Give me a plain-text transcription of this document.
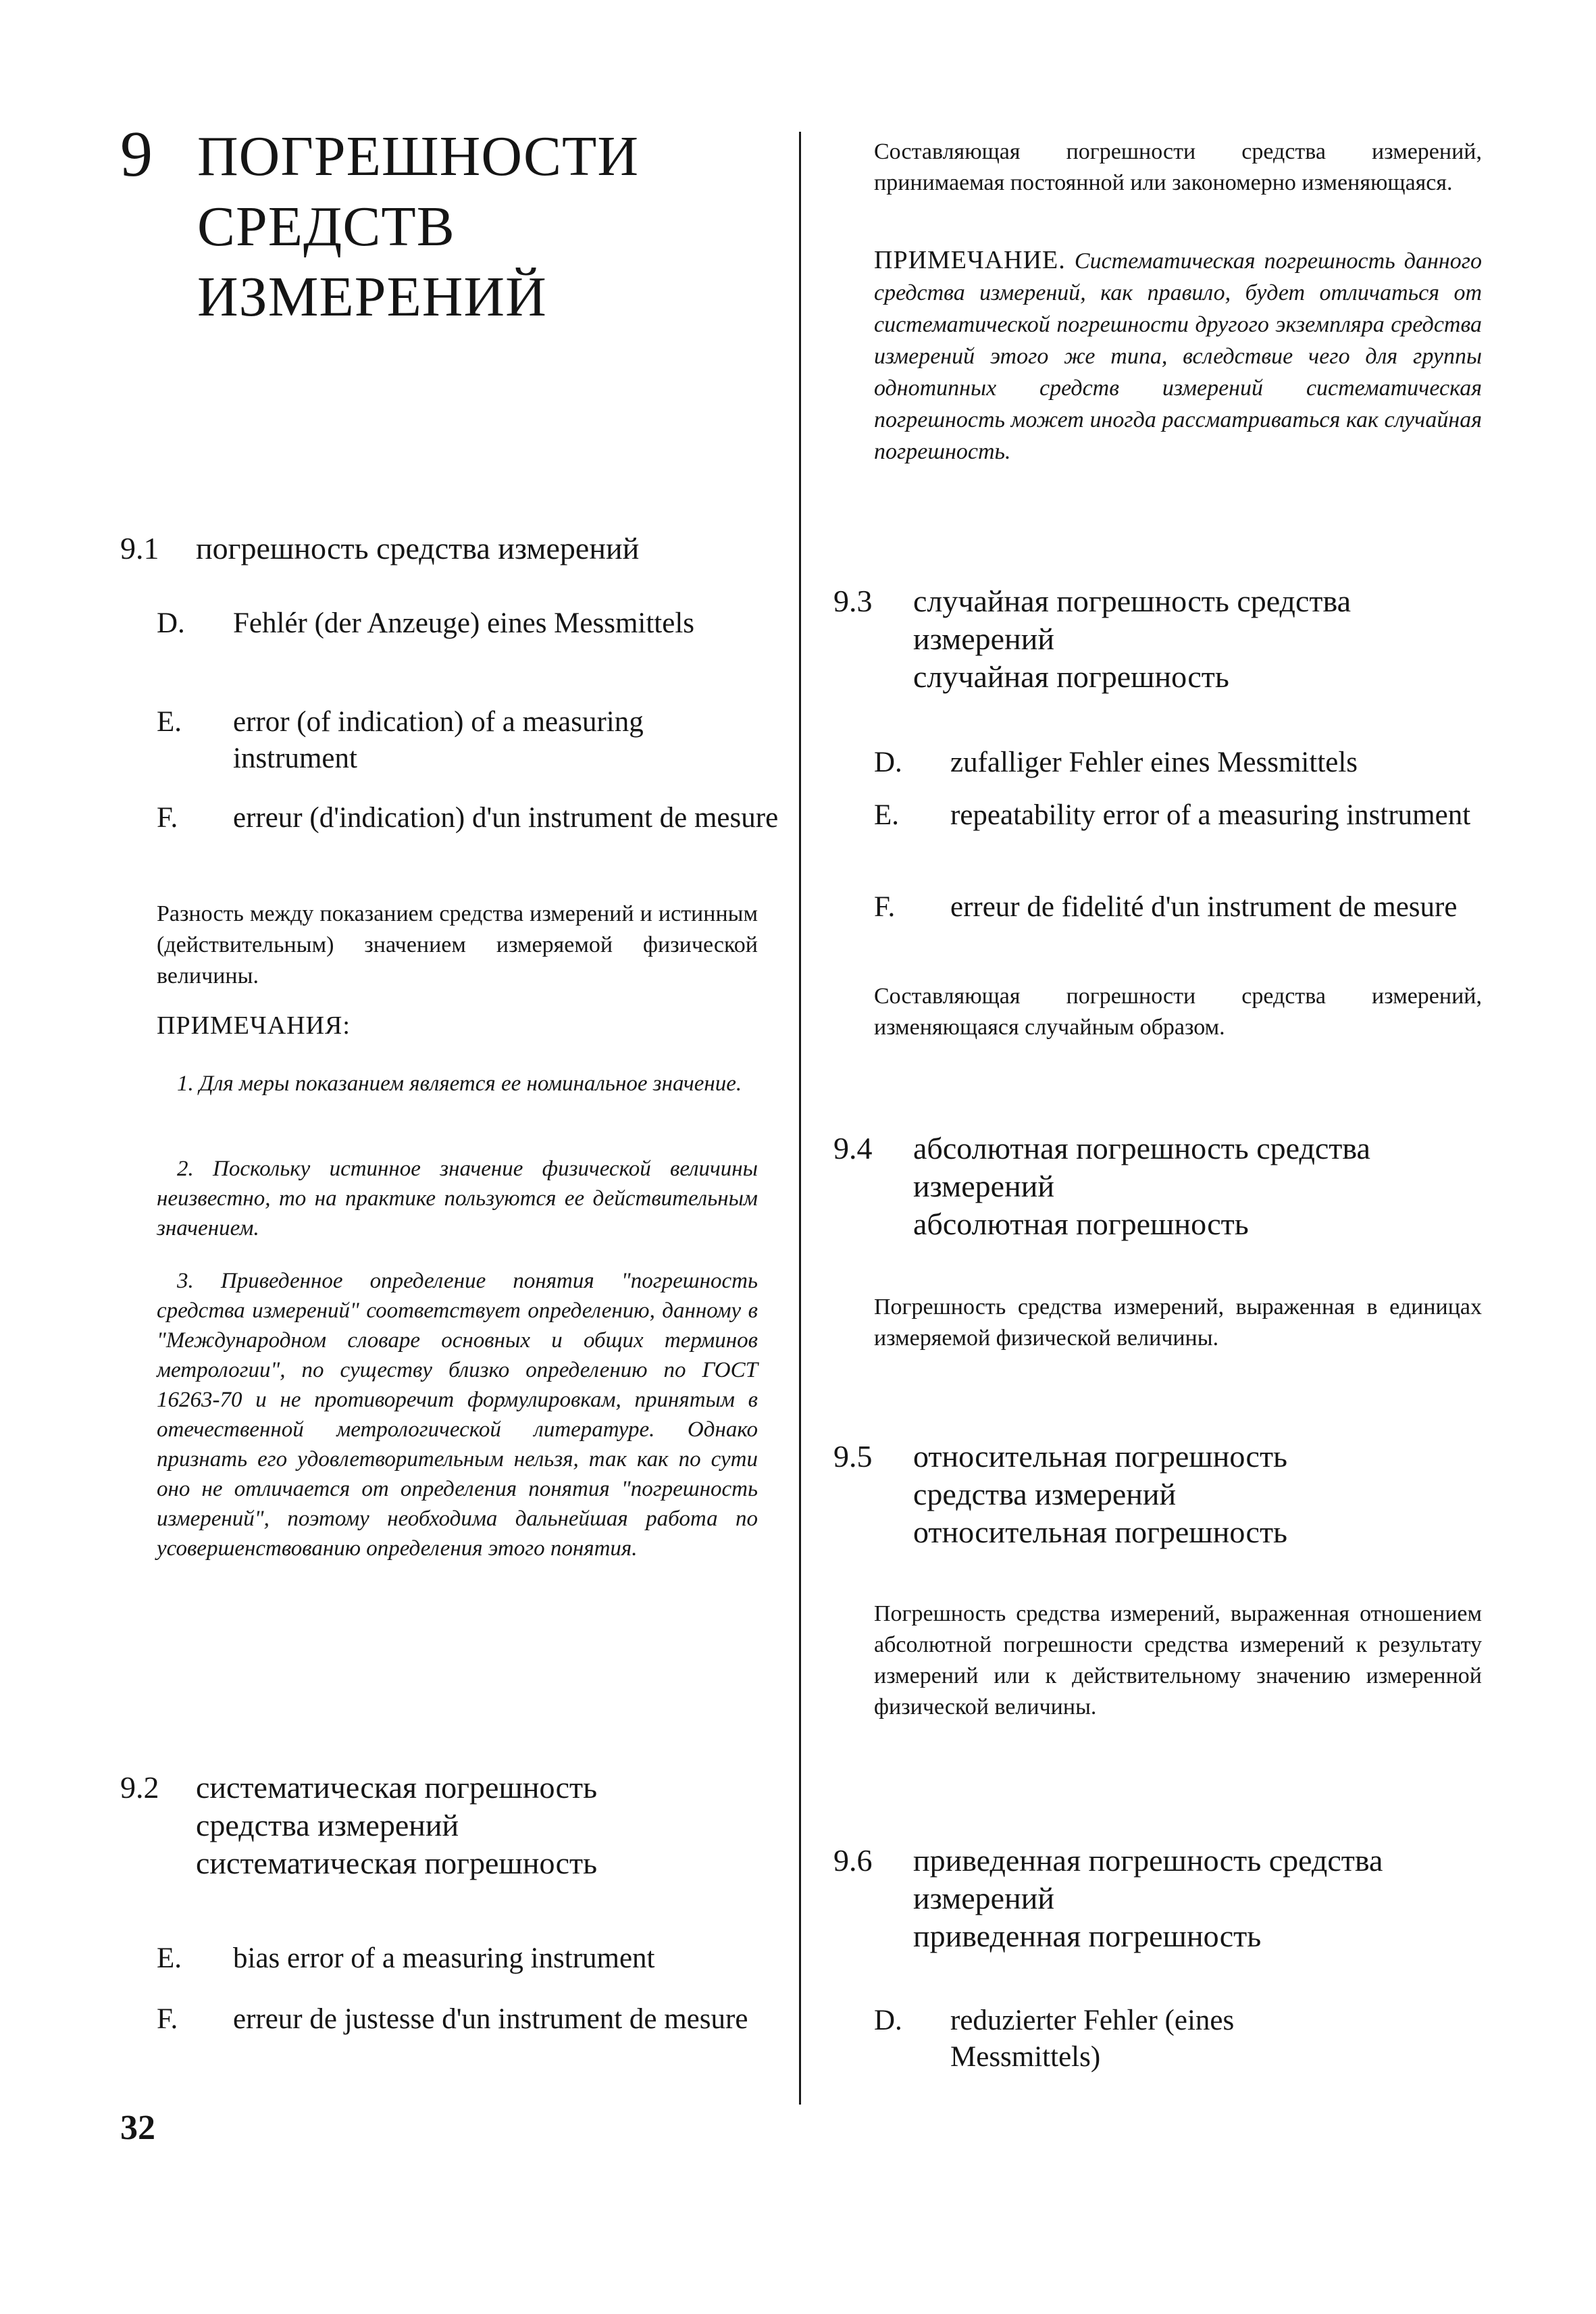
9 ПОГРЕШНОСТИ
СРЕДСТВ
ИЗМЕРЕНИЙ
9.1 погрешность средства измерений
D. Fehlér (der Anzeuge) eines Messmittels
E. error (of indication) of a measuring instrument
F. erreur (d'indication) d'un instrument de mesure
Разность между показанием средства измерений и истинным (действительным) значением измеряемой физической величины.
ПРИМЕЧАНИЯ:
1. Для меры показанием является ее номинальное значение.
2. Поскольку истинное значение физической величины неизвестно, то на практике пользуются ее действительным значением.
3. Приведенное определение понятия "погрешность средства измерений" соответствует определению, данному в "Международном словаре основных и общих терминов метрологии", по существу близко определению по ГОСТ 16263-70 и не противоречит формулировкам, принятым в отечественной метрологической литературе. Однако признать его удовлетворительным нельзя, так как по сути оно не отличается от определения понятия "погрешность измерений", поэтому необходима дальнейшая работа по усовершенствованию определения этого понятия.
9.2 систематическая погрешность
средства измерений
систематическая погрешность
E. bias error of a measuring instrument
F. erreur de justesse d'un instrument de mesure
Составляющая погрешности средства измерений, принимаемая постоянной или закономерно изменяющаяся.
ПРИМЕЧАНИЕ. Систематическая погрешность данного средства измерений, как правило, будет отличаться от систематической погрешности другого экземпляра средства измерений этого же типа, вследствие чего для группы однотипных средств измерений систематическая погрешность может иногда рассматриваться как случайная погрешность.
9.3 случайная погрешность средства
измерений
случайная погрешность
D. zufalliger Fehler eines Messmittels
E. repeatability error of a measuring instrument
F. erreur de fidelité d'un instrument de mesure
Составляющая погрешности средства измерений, изменяющаяся случайным образом.
9.4 абсолютная погрешность средства
измерений
абсолютная погрешность
Погрешность средства измерений, выраженная в единицах измеряемой физической величины.
9.5 относительная погрешность
средства измерений
относительная погрешность
Погрешность средства измерений, выраженная отношением абсолютной погрешности средства измерений к результату измерений или к действительному значению измеренной физической величины.
9.6 приведенная погрешность средства
измерений
приведенная погрешность
D. reduzierter Fehler (eines Messmittels)
32
